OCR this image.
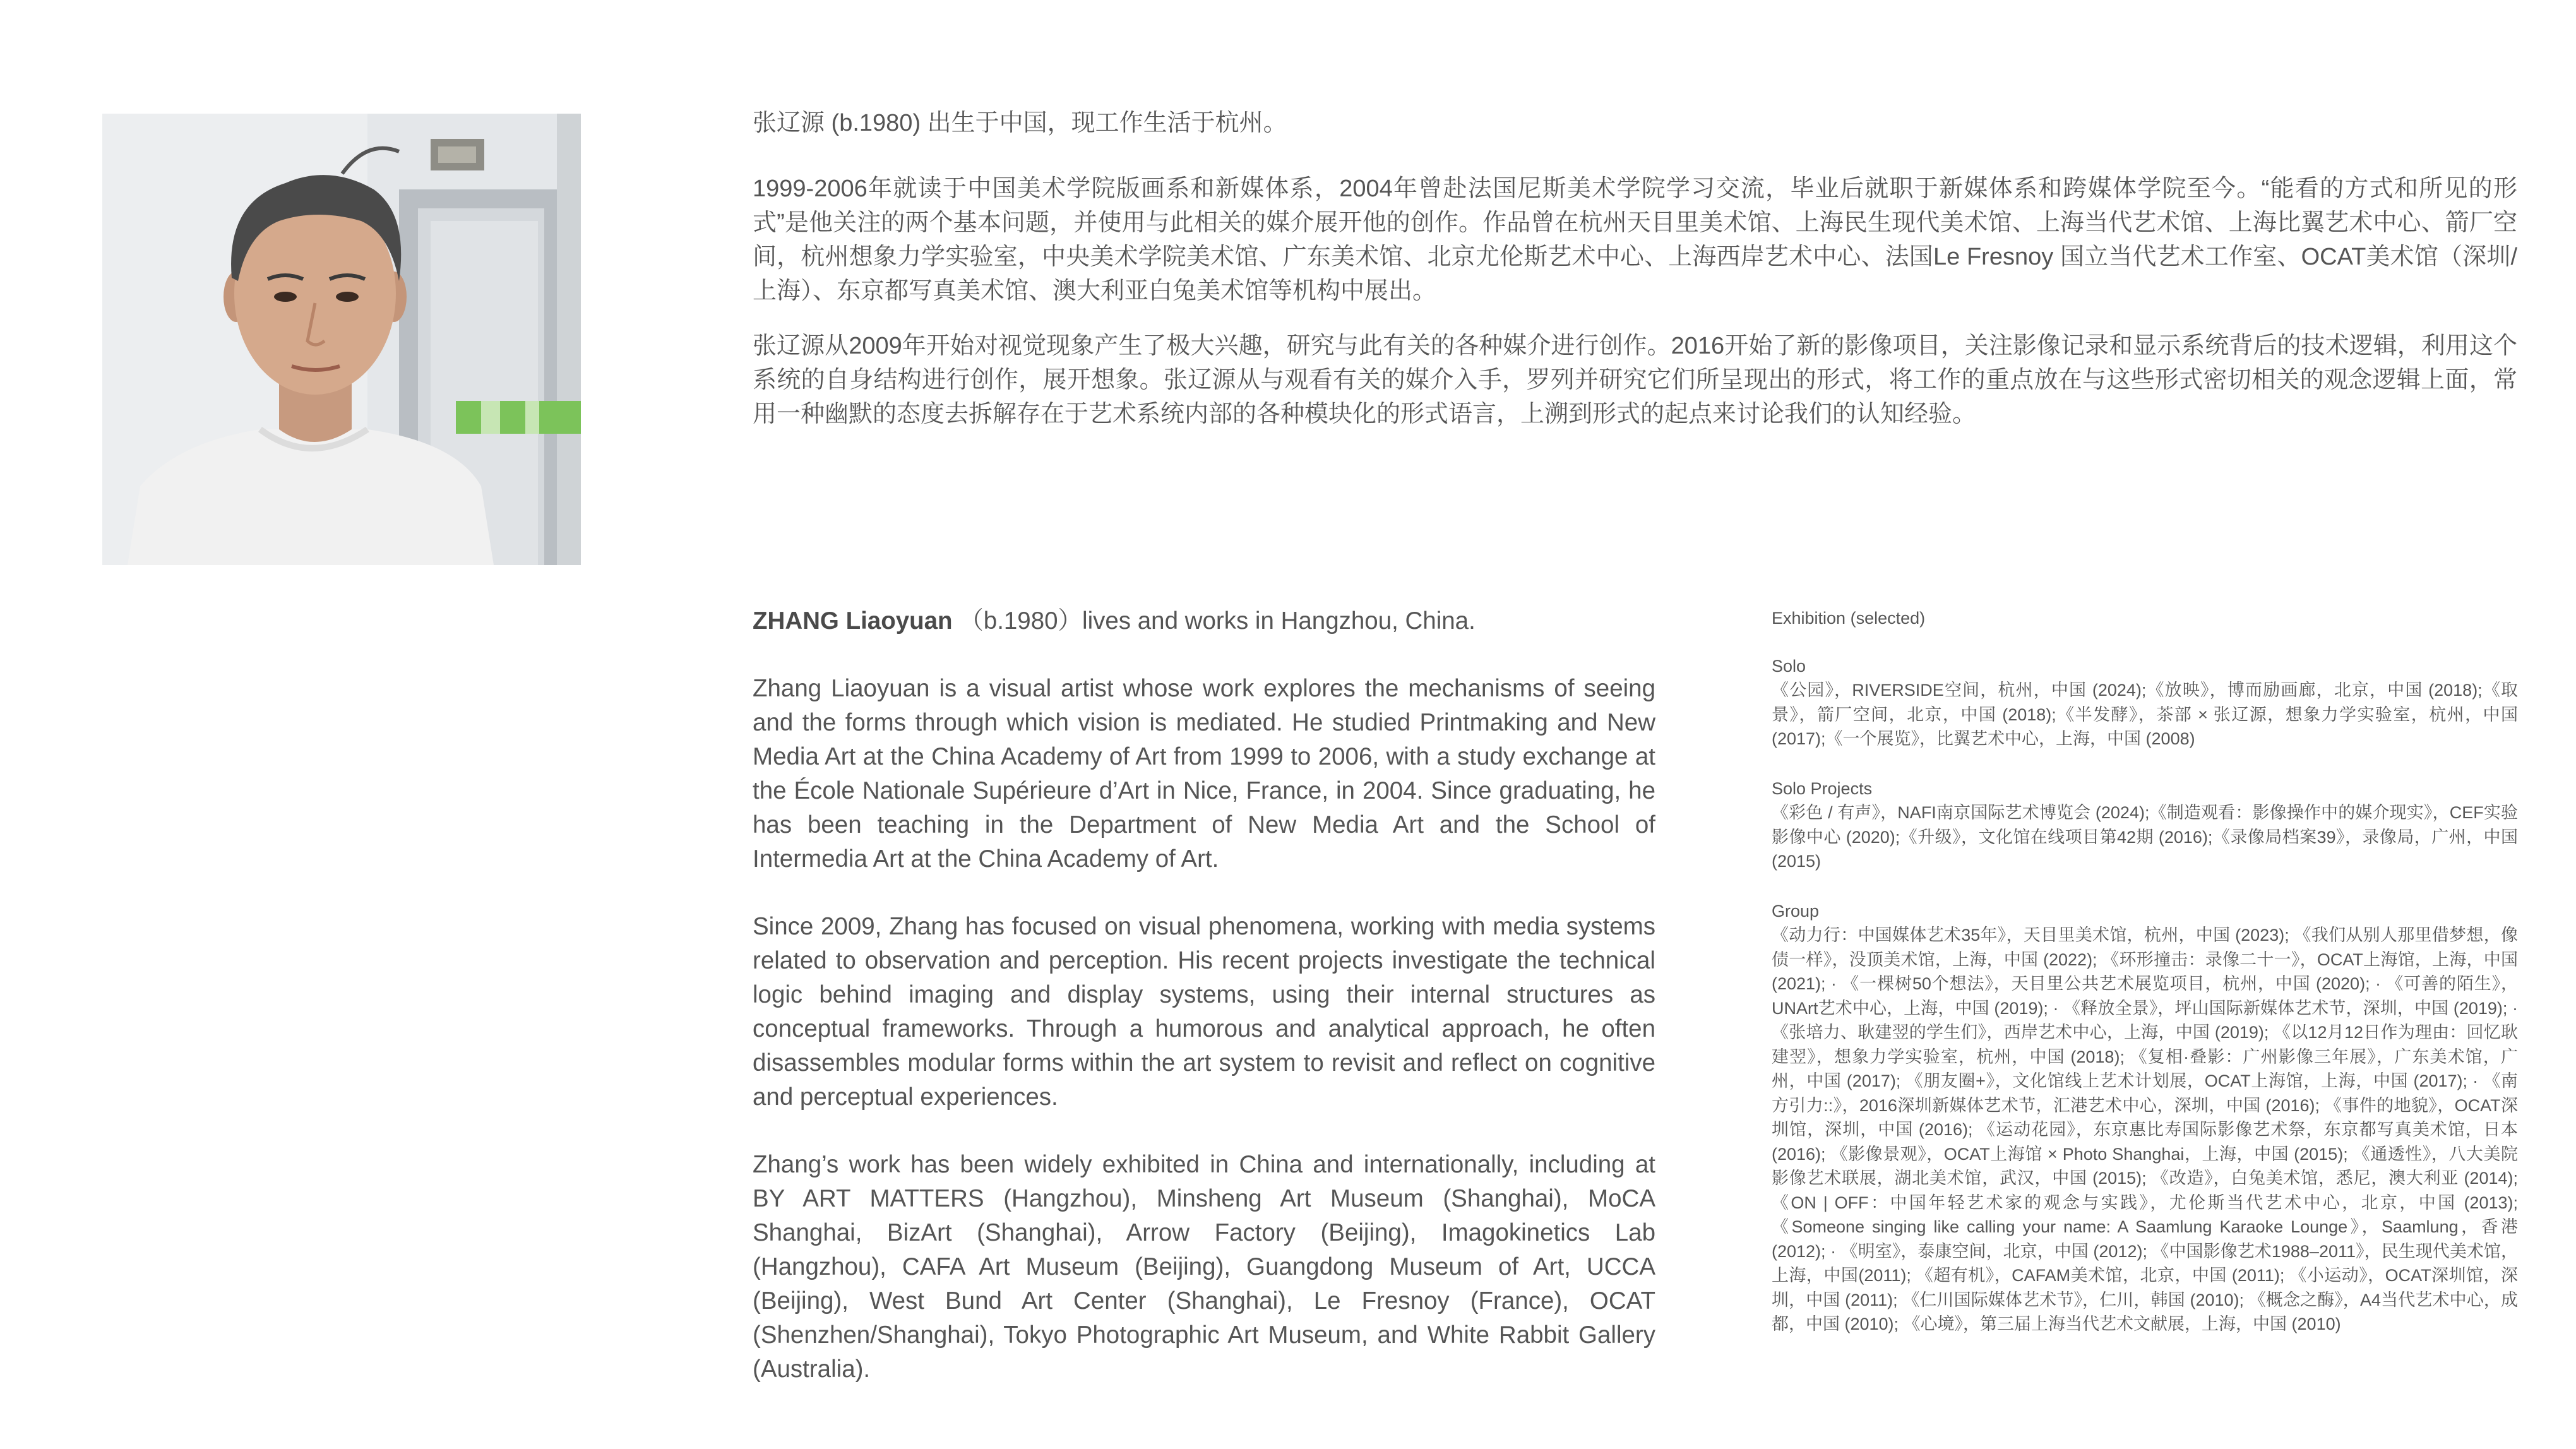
张辽源 (b.1980) 出生于中国，现工作生活于杭州。

1999-2006年就读于中国美术学院版画系和新媒体系，2004年曾赴法国尼斯美术学院学习交流，毕业后就职于新媒体系和跨媒体学院至今。“能看的方式和所见的形式”是他关注的两个基本问题，并使用与此相关的媒介展开他的创作。作品曾在杭州天目里美术馆、上海民生现代美术馆、上海当代艺术馆、上海比翼艺术中心、箭厂空间，杭州想象力学实验室，中央美术学院美术馆、广东美术馆、北京尤伦斯艺术中心、上海西岸艺术中心、法国Le Fresnoy 国立当代艺术工作室、OCAT美术馆（深圳/上海）、东京都写真美术馆、澳大利亚白兔美术馆等机构中展出。

张辽源从2009年开始对视觉现象产生了极大兴趣，研究与此有关的各种媒介进行创作。2016开始了新的影像项目，关注影像记录和显示系统背后的技术逻辑，利用这个系统的自身结构进行创作，展开想象。张辽源从与观看有关的媒介入手，罗列并研究它们所呈现出的形式，将工作的重点放在与这些形式密切相关的观念逻辑上面，常用一种幽默的态度去拆解存在于艺术系统内部的各种模块化的形式语言，上溯到形式的起点来讨论我们的认知经验。

ZHANG Liaoyuan （b.1980）lives and works in Hangzhou, China.

Zhang Liaoyuan is a visual artist whose work explores the mechanisms of seeing and the forms through which vision is mediated. He studied Printmaking and New Media Art at the China Academy of Art from 1999 to 2006, with a study exchange at the École Nationale Supérieure d’Art in Nice, France, in 2004. Since graduating, he has been teaching in the Department of New Media Art and the School of Intermedia Art at the China Academy of Art.

Since 2009, Zhang has focused on visual phenomena, working with media systems related to observation and perception. His recent projects investigate the technical logic behind imaging and display systems, using their internal structures as conceptual frameworks. Through a humorous and analytical approach, he often disassembles modular forms within the art system to revisit and reflect on cognitive and perceptual experiences.

Zhang’s work has been widely exhibited in China and internationally, including at BY ART MATTERS (Hangzhou), Minsheng Art Museum (Shanghai), MoCA Shanghai, BizArt (Shanghai), Arrow Factory (Beijing), Imagokinetics Lab (Hangzhou), CAFA Art Museum (Beijing), Guangdong Museum of Art, UCCA (Beijing), West Bund Art Center (Shanghai), Le Fresnoy (France), OCAT (Shenzhen/Shanghai), Tokyo Photographic Art Museum, and White Rabbit Gallery (Australia).

Exhibition (selected)

Solo

《公园》，RIVERSIDE空间，杭州，中国 (2024);《放映》，博而励画廊，北京，中国 (2018);《取景》，箭厂空间，北京，中国 (2018);《半发酵》，茶部 × 张辽源，想象力学实验室，杭州，中国 (2017);《一个展览》，比翼艺术中心，上海，中国 (2008)

Solo Projects

《彩色 / 有声》，NAFI南京国际艺术博览会 (2024);《制造观看：影像操作中的媒介现实》，CEF实验影像中心 (2020);《升级》，文化馆在线项目第42期 (2016);《录像局档案39》，录像局，广州，中国 (2015)

Group

《动力行：中国媒体艺术35年》，天目里美术馆，杭州，中国 (2023); 《我们从别人那里借梦想，像债一样》，没顶美术馆，上海，中国 (2022); 《环形撞击：录像二十一》，OCAT上海馆，上海，中国 (2021); · 《一棵树50个想法》，天目里公共艺术展览项目，杭州，中国 (2020); · 《可善的陌生》，UNArt艺术中心，上海，中国 (2019); · 《释放全景》，坪山国际新媒体艺术节，深圳，中国 (2019); · 《张培力、耿建翌的学生们》，西岸艺术中心，上海，中国 (2019); 《以12月12日作为理由：回忆耿建翌》，想象力学实验室，杭州，中国 (2018); 《复相·叠影：广州影像三年展》，广东美术馆，广州，中国 (2017); 《朋友圈+》，文化馆线上艺术计划展，OCAT上海馆，上海，中国 (2017); · 《南方引力::》，2016深圳新媒体艺术节，汇港艺术中心，深圳，中国 (2016); 《事件的地貌》，OCAT深圳馆，深圳，中国 (2016); 《运动花园》，东京惠比寿国际影像艺术祭，东京都写真美术馆，日本 (2016); 《影像景观》，OCAT上海馆 × Photo Shanghai，上海，中国 (2015); 《通透性》，八大美院影像艺术联展，湖北美术馆，武汉，中国 (2015); 《改造》，白兔美术馆，悉尼，澳大利亚 (2014); 《ON | OFF：中国年轻艺术家的观念与实践》，尤伦斯当代艺术中心，北京，中国 (2013); 《Someone singing like calling your name: A Saamlung Karaoke Lounge》，Saamlung，香港 (2012); · 《明室》，泰康空间，北京，中国 (2012); 《中国影像艺术1988–2011》，民生现代美术馆，上海，中国(2011); 《超有机》，CAFAM美术馆，北京，中国 (2011); 《小运动》，OCAT深圳馆，深圳，中国 (2011); 《仁川国际媒体艺术节》，仁川，韩国 (2010); 《概念之酶》，A4当代艺术中心，成都，中国 (2010); 《心境》，第三届上海当代艺术文献展，上海，中国 (2010)
